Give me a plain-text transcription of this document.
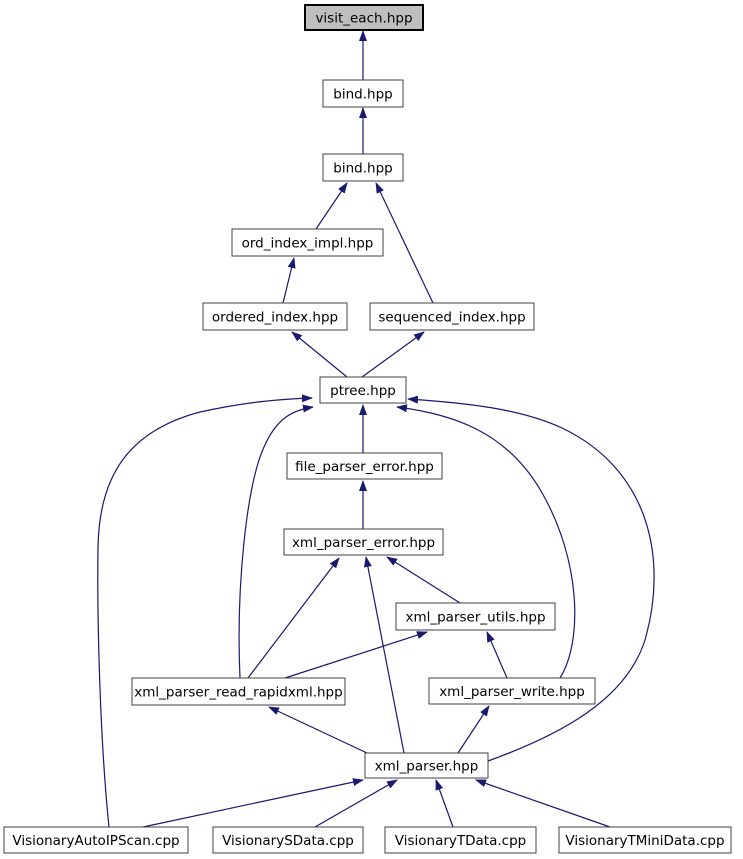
visit_each.hpp
bind.hpp
bind.hpp
ord_index_impl.hpp
ordered_index.hpp	sequenced_index.hpp
ptree.hpp
file_parser_error.hpp
xml_parser_error.hpp
xml_parser_utils.hpp
xml_parser_read_rapidxml.hpp	xml_parser_write.hpp
xml_parser.hpp
VisionaryAutoIPScan.cpp	VisionarySData.cpp	VisionaryTData.cpp	VisionaryTMiniData.cpp
